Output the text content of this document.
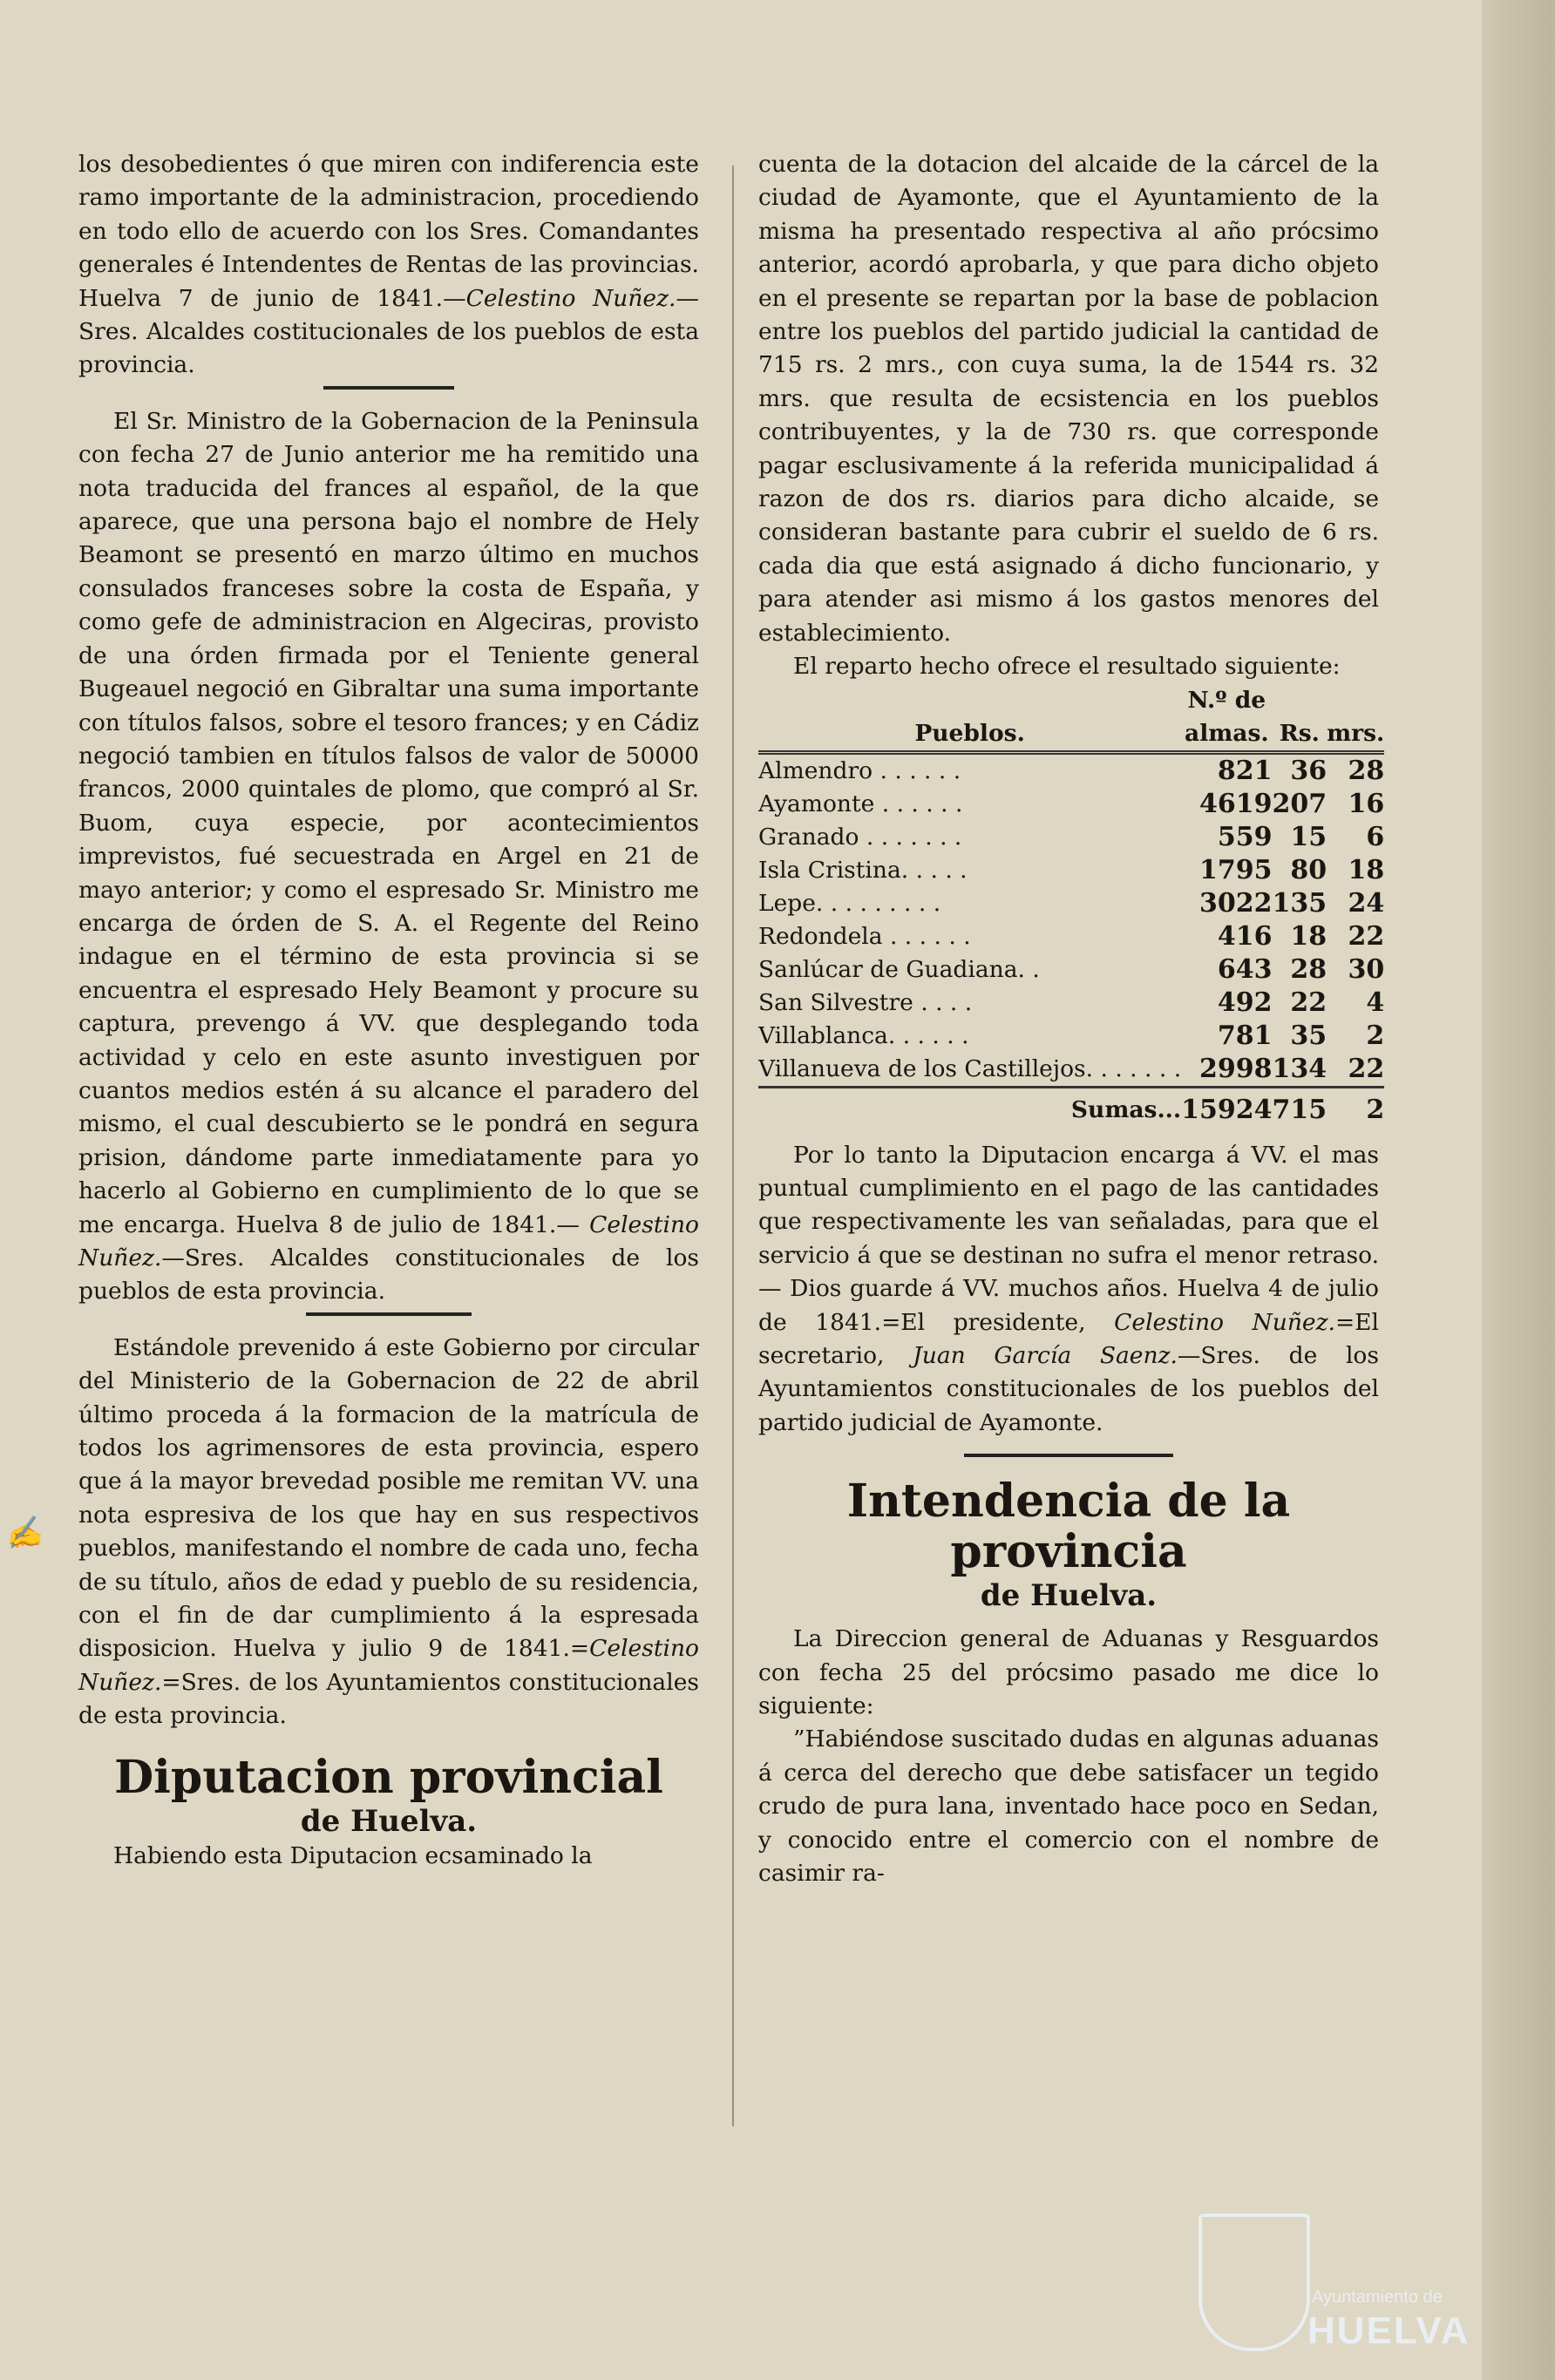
los desobedientes ó que miren con indiferencia este ramo importante de la administracion, procediendo en todo ello de acuerdo con los Sres. Comandantes generales é Intendentes de Rentas de las provincias. Huelva 7 de junio de 1841.—Celestino Nuñez.—Sres. Alcaldes costitucionales de los pueblos de esta provincia.

El Sr. Ministro de la Gobernacion de la Peninsula con fecha 27 de Junio anterior me ha remitido una nota traducida del frances al español, de la que aparece, que una persona bajo el nombre de Hely Beamont se presentó en marzo último en muchos consulados franceses sobre la costa de España, y como gefe de administracion en Algeciras, provisto de una órden firmada por el Teniente general Bugeauel negoció en Gibraltar una suma importante con títulos falsos, sobre el tesoro frances; y en Cádiz negoció tambien en títulos falsos de valor de 50000 francos, 2000 quintales de plomo, que compró al Sr. Buom, cuya especie, por acontecimientos imprevistos, fué secuestrada en Argel en 21 de mayo anterior; y como el espresado Sr. Ministro me encarga de órden de S. A. el Regente del Reino indague en el término de esta provincia si se encuentra el espresado Hely Beamont y procure su captura, prevengo á VV. que desplegando toda actividad y celo en este asunto investiguen por cuantos medios estén á su alcance el paradero del mismo, el cual descubierto se le pondrá en segura prision, dándome parte inmediatamente para yo hacerlo al Gobierno en cumplimiento de lo que se me encarga. Huelva 8 de julio de 1841.— Celestino Nuñez.—Sres. Alcaldes constitucionales de los pueblos de esta provincia.

Estándole prevenido á este Gobierno por circular del Ministerio de la Gobernacion de 22 de abril último proceda á la formacion de la matrícula de todos los agrimensores de esta provincia, espero que á la mayor brevedad posible me remitan VV. una nota espresiva de los que hay en sus respectivos pueblos, manifestando el nombre de cada uno, fecha de su título, años de edad y pueblo de su residencia, con el fin de dar cumplimiento á la espresada disposicion. Huelva y julio 9 de 1841.=Celestino Nuñez.=Sres. de los Ayuntamientos constitucionales de esta provincia.

Diputacion provincial
de Huelva.

Habiendo esta Diputacion ecsaminado la

cuenta de la dotacion del alcaide de la cárcel de la ciudad de Ayamonte, que el Ayuntamiento de la misma ha presentado respectiva al año prócsimo anterior, acordó aprobarla, y que para dicho objeto en el presente se repartan por la base de poblacion entre los pueblos del partido judicial la cantidad de 715 rs. 2 mrs., con cuya suma, la de 1544 rs. 32 mrs. que resulta de ecsistencia en los pueblos contribuyentes, y la de 730 rs. que corresponde pagar esclusivamente á la referida municipalidad á razon de dos rs. diarios para dicho alcaide, se consideran bastante para cubrir el sueldo de 6 rs. cada dia que está asignado á dicho funcionario, y para atender asi mismo á los gastos menores del establecimiento.

El reparto hecho ofrece el resultado siguiente:

Pueblos.	N.º de almas.	Rs.	mrs.
Almendro . . . . . .	821	36	28
Ayamonte . . . . . .	4619	207	16
Granado . . . . . . .	559	15	6
Isla Cristina. . . . .	1795	80	18
Lepe. . . . . . . . .	3022	135	24
Redondela . . . . . .	416	18	22
Sanlúcar de Guadiana. .	643	28	30
San Silvestre . . . .	492	22	4
Villablanca. . . . . .	781	35	2
Villanueva de los Castillejos. . . . . . .	2998	134	22
Sumas...	15924	715	2

Por lo tanto la Diputacion encarga á VV. el mas puntual cumplimiento en el pago de las cantidades que respectivamente les van señaladas, para que el servicio á que se destinan no sufra el menor retraso.— Dios guarde á VV. muchos años. Huelva 4 de julio de 1841.=El presidente, Celestino Nuñez.=El secretario, Juan García Saenz.—Sres. de los Ayuntamientos constitucionales de los pueblos del partido judicial de Ayamonte.

Intendencia de la provincia
de Huelva.

La Direccion general de Aduanas y Resguardos con fecha 25 del prócsimo pasado me dice lo siguiente:

”Habiéndose suscitado dudas en algunas aduanas á cerca del derecho que debe satisfacer un tegido crudo de pura lana, inventado hace poco en Sedan, y conocido entre el comercio con el nombre de casimir ra-

✍
Ayuntamiento de
HUELVA
